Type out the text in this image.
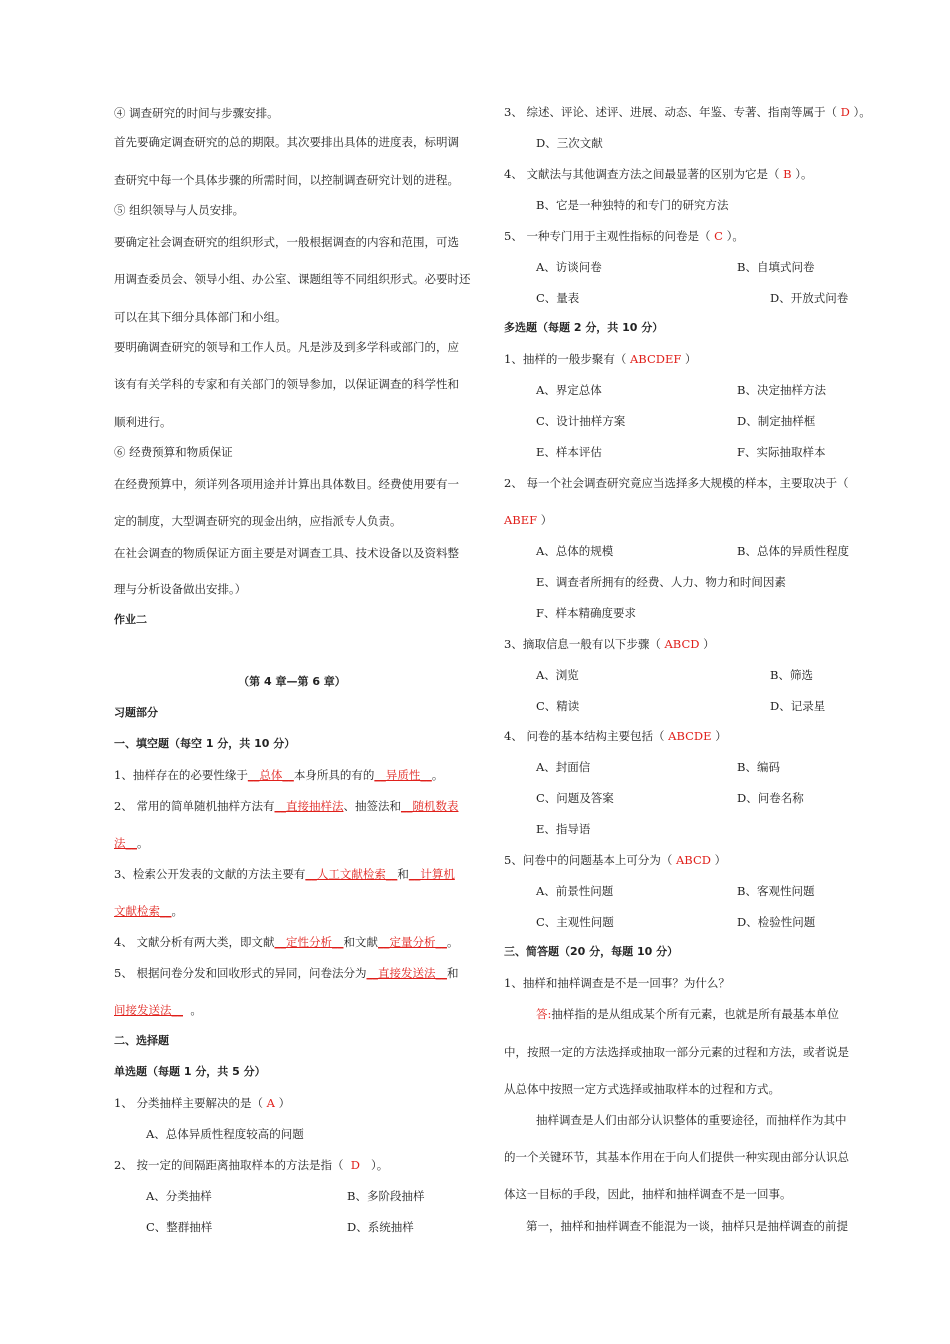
④ 调查研究的时间与步骤安排。
首先要确定调查研究的总的期限。其次要排出具体的进度表，标明调
查研究中每一个具体步骤的所需时间，以控制调查研究计划的进程。
⑤ 组织领导与人员安排。
要确定社会调查研究的组织形式，一般根据调查的内容和范围，可选
用调查委员会、领导小组、办公室、课题组等不同组织形式。必要时还
可以在其下细分具体部门和小组。
要明确调查研究的领导和工作人员。凡是涉及到多学科或部门的，应
该有有关学科的专家和有关部门的领导参加，以保证调查的科学性和
顺利进行。
⑥ 经费预算和物质保证
在经费预算中，须详列各项用途并计算出具体数目。经费使用要有一
定的制度，大型调查研究的现金出纳，应指派专人负责。
在社会调查的物质保证方面主要是对调查工具、技术设备以及资料整
理与分析设备做出安排。）
作业二
（第 4 章—第 6 章）
习题部分
一、填空题（每空 1 分，共 10 分）
1、抽样存在的必要性缘于__总体__本身所具的有的__异质性__。
2、 常用的简单随机抽样方法有__直接抽样法、抽签法和__随机数表
法__。
3、检索公开发表的文献的方法主要有__人工文献检索__和__计算机
文献检索__。
4、 文献分析有两大类，即文献__定性分析__和文献__定量分析__。
5、 根据问卷分发和回收形式的异同，问卷法分为__直接发送法__和
间接发送法__ 。
二、选择题
单选题（每题 1 分，共 5 分）
1、 分类抽样主要解决的是（ A ）
A、总体异质性程度较高的问题
2、 按一定的间隔距离抽取样本的方法是指（ D ）。
A、分类抽样	B、多阶段抽样
C、整群抽样	D、系统抽样
3、 综述、评论、述评、进展、动态、年鉴、专著、指南等属于（ D ）。
D、三次文献
4、 文献法与其他调查方法之间最显著的区别为它是（ B ）。
B、它是一种独特的和专门的研究方法
5、 一种专门用于主观性指标的问卷是（ C ）。
A、访谈问卷	B、自填式问卷
C、量表	D、开放式问卷
多选题（每题 2 分，共 10 分）
1、抽样的一般步聚有（ ABCDEF ）
A、界定总体	B、决定抽样方法
C、设计抽样方案	D、制定抽样框
E、样本评估	F、实际抽取样本
2、 每一个社会调查研究竟应当选择多大规模的样本，主要取决于（
ABEF ）
A、总体的规模	B、总体的异质性程度
E、调查者所拥有的经费、人力、物力和时间因素
F、样本精确度要求
3、摘取信息一般有以下步骤（ ABCD ）
A、浏览	B、筛选
C、精读	D、记录星
4、 问卷的基本结构主要包括（ ABCDE ）
A、封面信	B、编码
C、问题及答案	D、问卷名称
E、指导语
5、问卷中的问题基本上可分为（ ABCD ）
A、前景性问题	B、客观性问题
C、主观性问题	D、检验性问题
三、简答题（20 分，每题 10 分）
1、抽样和抽样调查是不是一回事？为什么？
答:抽样指的是从组成某个所有元素，也就是所有最基本单位
中，按照一定的方法选择或抽取一部分元素的过程和方法，或者说是
从总体中按照一定方式选择或抽取样本的过程和方式。
抽样调查是人们由部分认识整体的重要途径，而抽样作为其中
的一个关键环节，其基本作用在于向人们提供一种实现由部分认识总
体这一目标的手段，因此，抽样和抽样调查不是一回事。
第一，抽样和抽样调查不能混为一谈，抽样只是抽样调查的前提
